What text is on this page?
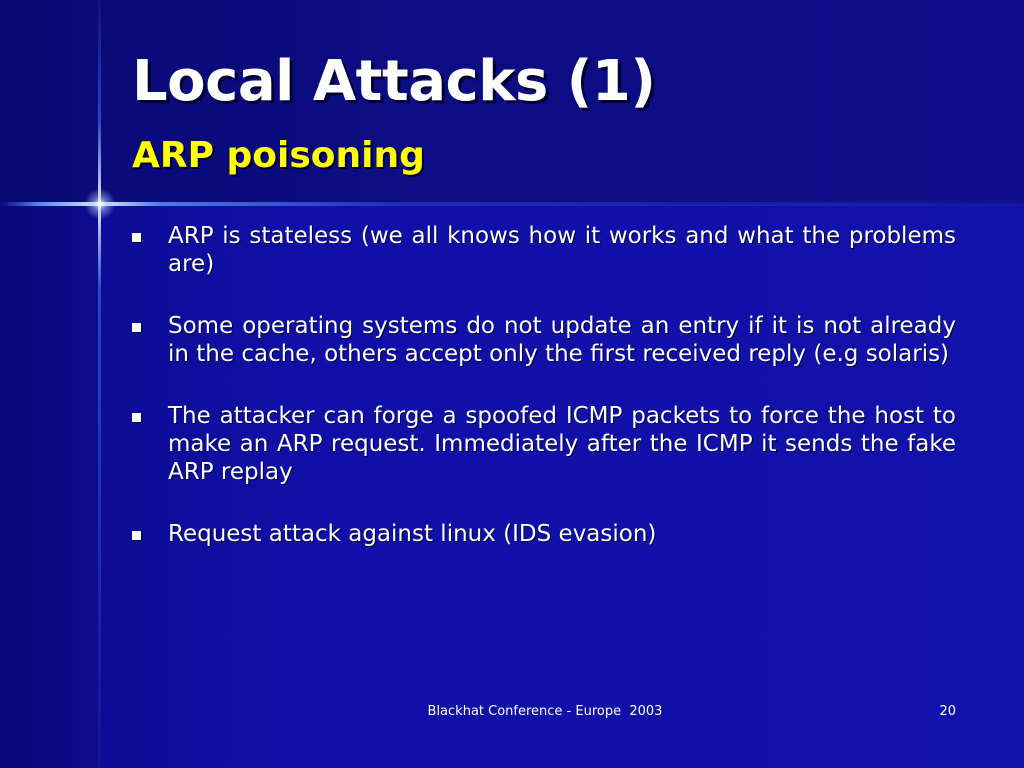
Local Attacks (1)
ARP poisoning
ARP is stateless (we all knows how it works and what the problems are)
Some operating systems do not update an entry if it is not already in the cache, others accept only the first received reply (e.g solaris)
The attacker can forge a spoofed ICMP packets to force the host to make an ARP request. Immediately after the ICMP it sends the fake ARP replay
Request attack against linux (IDS evasion)
Blackhat Conference - Europe  2003	20
